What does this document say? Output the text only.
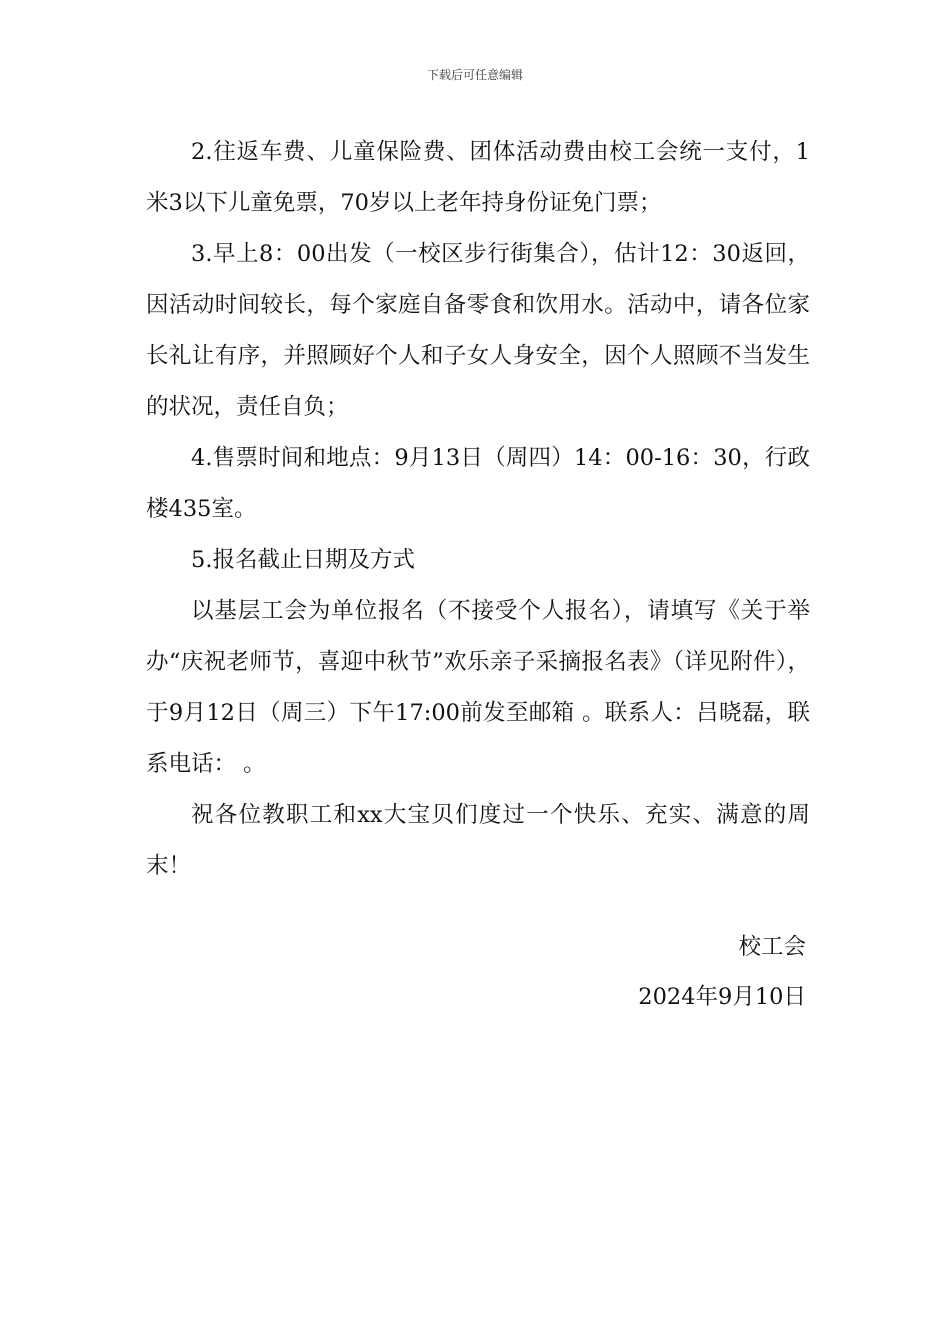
下载后可任意编辑

2.往返车费、儿童保险费、团体活动费由校工会统一支付，1米3以下儿童免票，70岁以上老年持身份证免门票；

3.早上8：00出发（一校区步行街集合），估计12：30返回，因活动时间较长，每个家庭自备零食和饮用水。活动中，请各位家长礼让有序，并照顾好个人和子女人身安全，因个人照顾不当发生的状况，责任自负；

4.售票时间和地点：9月13日（周四）14：00-16：30，行政楼435室。

5.报名截止日期及方式

以基层工会为单位报名（不接受个人报名），请填写《关于举办“庆祝老师节，喜迎中秋节”欢乐亲子采摘报名表》（详见附件），于9月12日（周三）下午17:00前发至邮箱 。联系人：吕晓磊，联系电话： 。

祝各位教职工和xx大宝贝们度过一个快乐、充实、满意的周末！

校工会
2024年9月10日
